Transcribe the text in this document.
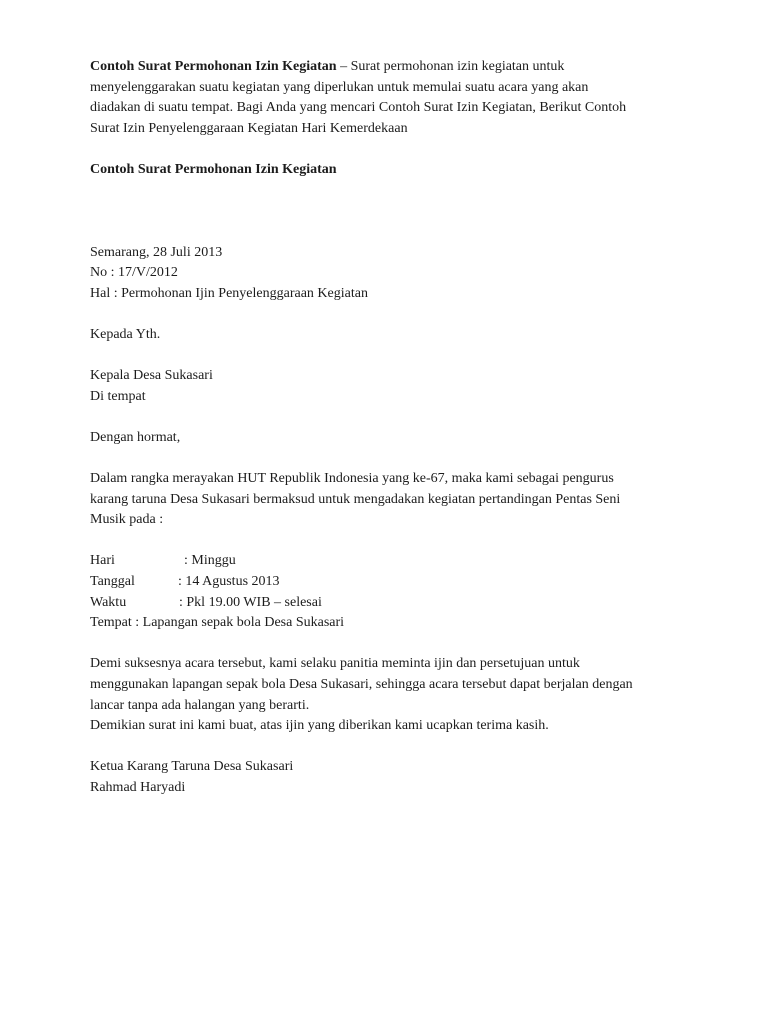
Contoh Surat Permohonan Izin Kegiatan – Surat permohonan izin kegiatan untuk

menyelenggarakan suatu kegiatan yang diperlukan untuk memulai suatu acara yang akan

diadakan di suatu tempat. Bagi Anda yang mencari Contoh Surat Izin Kegiatan, Berikut Contoh

Surat Izin Penyelenggaraan Kegiatan Hari Kemerdekaan

Contoh Surat Permohonan Izin Kegiatan

Semarang, 28 Juli 2013

No : 17/V/2012

Hal : Permohonan Ijin Penyelenggaraan Kegiatan

Kepada Yth.

Kepala Desa Sukasari

Di tempat

Dengan hormat,

Dalam rangka merayakan HUT Republik Indonesia yang ke-67, maka kami sebagai pengurus

karang taruna Desa Sukasari bermaksud untuk mengadakan kegiatan pertandingan Pentas Seni

Musik pada :

Hari	: Minggu

Tanggal	: 14 Agustus 2013

Waktu	: Pkl 19.00 WIB – selesai

Tempat : Lapangan sepak bola Desa Sukasari

Demi suksesnya acara tersebut, kami selaku panitia meminta ijin dan persetujuan untuk

menggunakan lapangan sepak bola Desa Sukasari, sehingga acara tersebut dapat berjalan dengan

lancar tanpa ada halangan yang berarti.

Demikian surat ini kami buat, atas ijin yang diberikan kami ucapkan terima kasih.

Ketua Karang Taruna Desa Sukasari

Rahmad Haryadi
